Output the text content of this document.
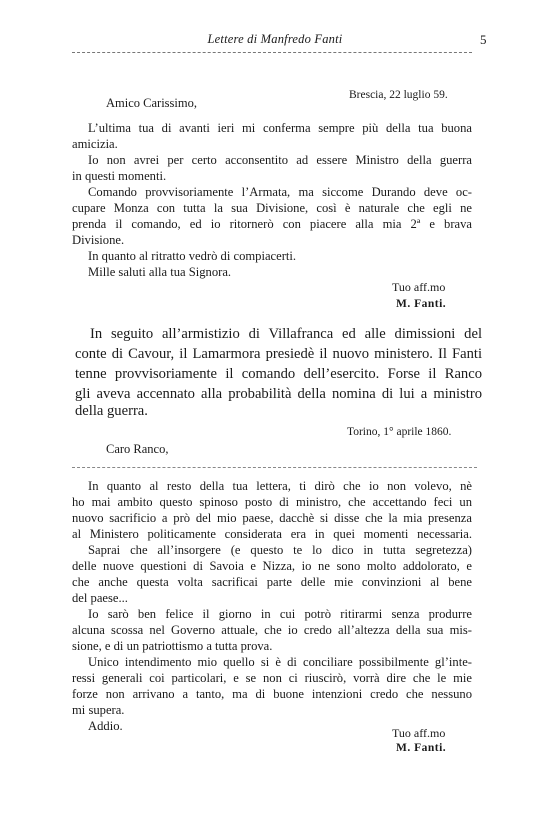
Lettere di Manfredo Fanti	5
Brescia, 22 luglio 59.
Amico Carissimo,
L’ultima tua di avanti ieri mi conferma sempre più della tua buona
amicizia.
Io non avrei per certo acconsentito ad essere Ministro della guerra
in questi momenti.
Comando provvisoriamente l’Armata, ma siccome Durando deve oc-
cupare Monza con tutta la sua Divisione, così è naturale che egli ne
prenda il comando, ed io ritornerò con piacere alla mia 2ª e brava
Divisione.
In quanto al ritratto vedrò di compiacerti.
Mille saluti alla tua Signora.
Tuo aff.mo
M. Fanti.
In seguito all’armistizio di Villafranca ed alle dimissioni del
conte di Cavour, il Lamarmora presiedè il nuovo ministero. Il Fanti
tenne provvisoriamente il comando dell’esercito. Forse il Ranco
gli aveva accennato alla probabilità della nomina di lui a ministro
della guerra.
Torino, 1° aprile 1860.
Caro Ranco,
In quanto al resto della tua lettera, ti dirò che io non volevo, nè
ho mai ambito questo spinoso posto di ministro, che accettando feci un
nuovo sacrificio a prò del mio paese, dacchè si disse che la mia presenza
al Ministero politicamente considerata era in quei momenti necessaria.
Saprai che all’insorgere (e questo te lo dico in tutta segretezza)
delle nuove questioni di Savoia e Nizza, io ne sono molto addolorato, e
che anche questa volta sacrificai parte delle mie convinzioni al bene
del paese...
Io sarò ben felice il giorno in cui potrò ritirarmi senza produrre
alcuna scossa nel Governo attuale, che io credo all’altezza della sua mis-
sione, e di un patriottismo a tutta prova.
Unico intendimento mio quello si è di conciliare possibilmente gl’inte-
ressi generali coi particolari, e se non ci riuscirò, vorrà dire che le mie
forze non arrivano a tanto, ma di buone intenzioni credo che nessuno
mi supera.
Addio.	Tuo aff.mo
M. Fanti.
